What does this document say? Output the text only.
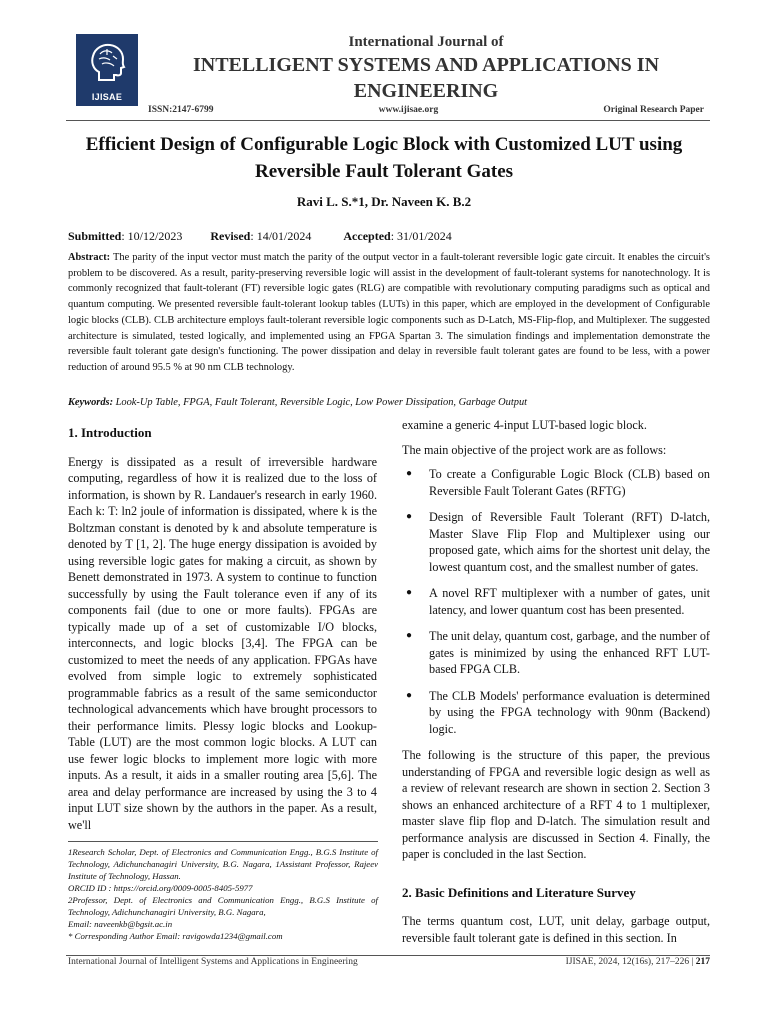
IJISAE
International Journal of
INTELLIGENT SYSTEMS AND APPLICATIONS IN ENGINEERING
ISSN:2147-6799	www.ijisae.org	Original Research Paper
Efficient Design of Configurable Logic Block with Customized LUT using Reversible Fault Tolerant Gates
Ravi L. S.*1, Dr. Naveen K. B.2
Submitted: 10/12/2023 Revised: 14/01/2024	Accepted: 31/01/2024
Abstract: The parity of the input vector must match the parity of the output vector in a fault-tolerant reversible logic gate circuit. It enables the circuit's problem to be discovered. As a result, parity-preserving reversible logic will assist in the development of fault-tolerant systems for nanotechnology. It is commonly recognized that fault-tolerant (FT) reversible logic gates (RLG) are compatible with revolutionary computing paradigms such as optical and quantum computing. We presented reversible fault-tolerant lookup tables (LUTs) in this paper, which are employed in the development of Configurable logic blocks (CLB). CLB architecture employs fault-tolerant reversible logic components such as D-Latch, MS-Flip-flop, and Multiplexer. The suggested architecture is simulated, tested logically, and implemented using an FPGA Spartan 3. The simulation findings and implementation demonstrate the reversible fault tolerant gate design's functioning. The power dissipation and delay in reversible fault tolerant gates are found to be less, with a power reduction of around 95.5 % at 90 nm CLB technology.
Keywords: Look-Up Table, FPGA, Fault Tolerant, Reversible Logic, Low Power Dissipation, Garbage Output
1. Introduction

Energy is dissipated as a result of irreversible hardware computing, regardless of how it is realized due to the loss of information, is shown by R. Landauer's research in early 1960. Each k: T: ln2 joule of information is dissipated, where k is the Boltzman constant is denoted by k and absolute temperature is denoted by T [1, 2]. The huge energy dissipation is avoided by using reversible logic gates for making a circuit, as shown by Benett demonstrated in 1973. A system to continue to function successfully by using the Fault tolerance even if any of its components fail (due to one or more faults). FPGAs are typically made up of a set of customizable I/O blocks, interconnects, and logic blocks [3,4]. The FPGA can be customized to meet the needs of any application. FPGAs have evolved from simple logic to extremely sophisticated programmable fabrics as a result of the same semiconductor technological advancements which have brought processors to their performance limits. Plessy logic blocks and Lookup-Table (LUT) are the most common logic blocks. A LUT can use fewer logic blocks to implement more logic with more inputs. As a result, it aids in a smaller routing area [5,6]. The area and delay performance are increased by using the 3 to 4 input LUT size shown by the authors in the paper. As a result, we'll

1Research Scholar, Dept. of Electronics and Communication Engg., B.G.S Institute of Technology, Adichunchanagiri University, B.G. Nagara, 1Assistant Professor, Rajeev Institute of Technology, Hassan.
ORCID ID : https://orcid.org/0009-0005-8405-5977
2Professor, Dept. of Electronics and Communication Engg., B.G.S Institute of Technology, Adichunchanagiri University, B.G. Nagara,
Email: naveenkb@bgsit.ac.in
* Corresponding Author Email: ravigowda1234@gmail.com

examine a generic 4-input LUT-based logic block.

The main objective of the project work are as follows:

● To create a Configurable Logic Block (CLB) based on Reversible Fault Tolerant Gates (RFTG)
● Design of Reversible Fault Tolerant (RFT) D-latch, Master Slave Flip Flop and Multiplexer using our proposed gate, which aims for the shortest unit delay, the lowest quantum cost, and the smallest number of gates.
● A novel RFT multiplexer with a number of gates, unit latency, and lower quantum cost has been presented.
● The unit delay, quantum cost, garbage, and the number of gates is minimized by using the enhanced RFT LUT-based FPGA CLB.
● The CLB Models' performance evaluation is determined by using the FPGA technology with 90nm (Backend) logic.

The following is the structure of this paper, the previous understanding of FPGA and reversible logic design as well as a review of relevant research are shown in section 2. Section 3 shows an enhanced architecture of a RFT 4 to 1 multiplexer, master slave flip flop and D-latch. The simulation result and performance analysis are discussed in Section 4. Finally, the paper is concluded in the last Section.

2. Basic Definitions and Literature Survey

The terms quantum cost, LUT, unit delay, garbage output, reversible fault tolerant gate is defined in this section. In

International Journal of Intelligent Systems and Applications in Engineering	IJISAE, 2024, 12(16s), 217–226 | 217
